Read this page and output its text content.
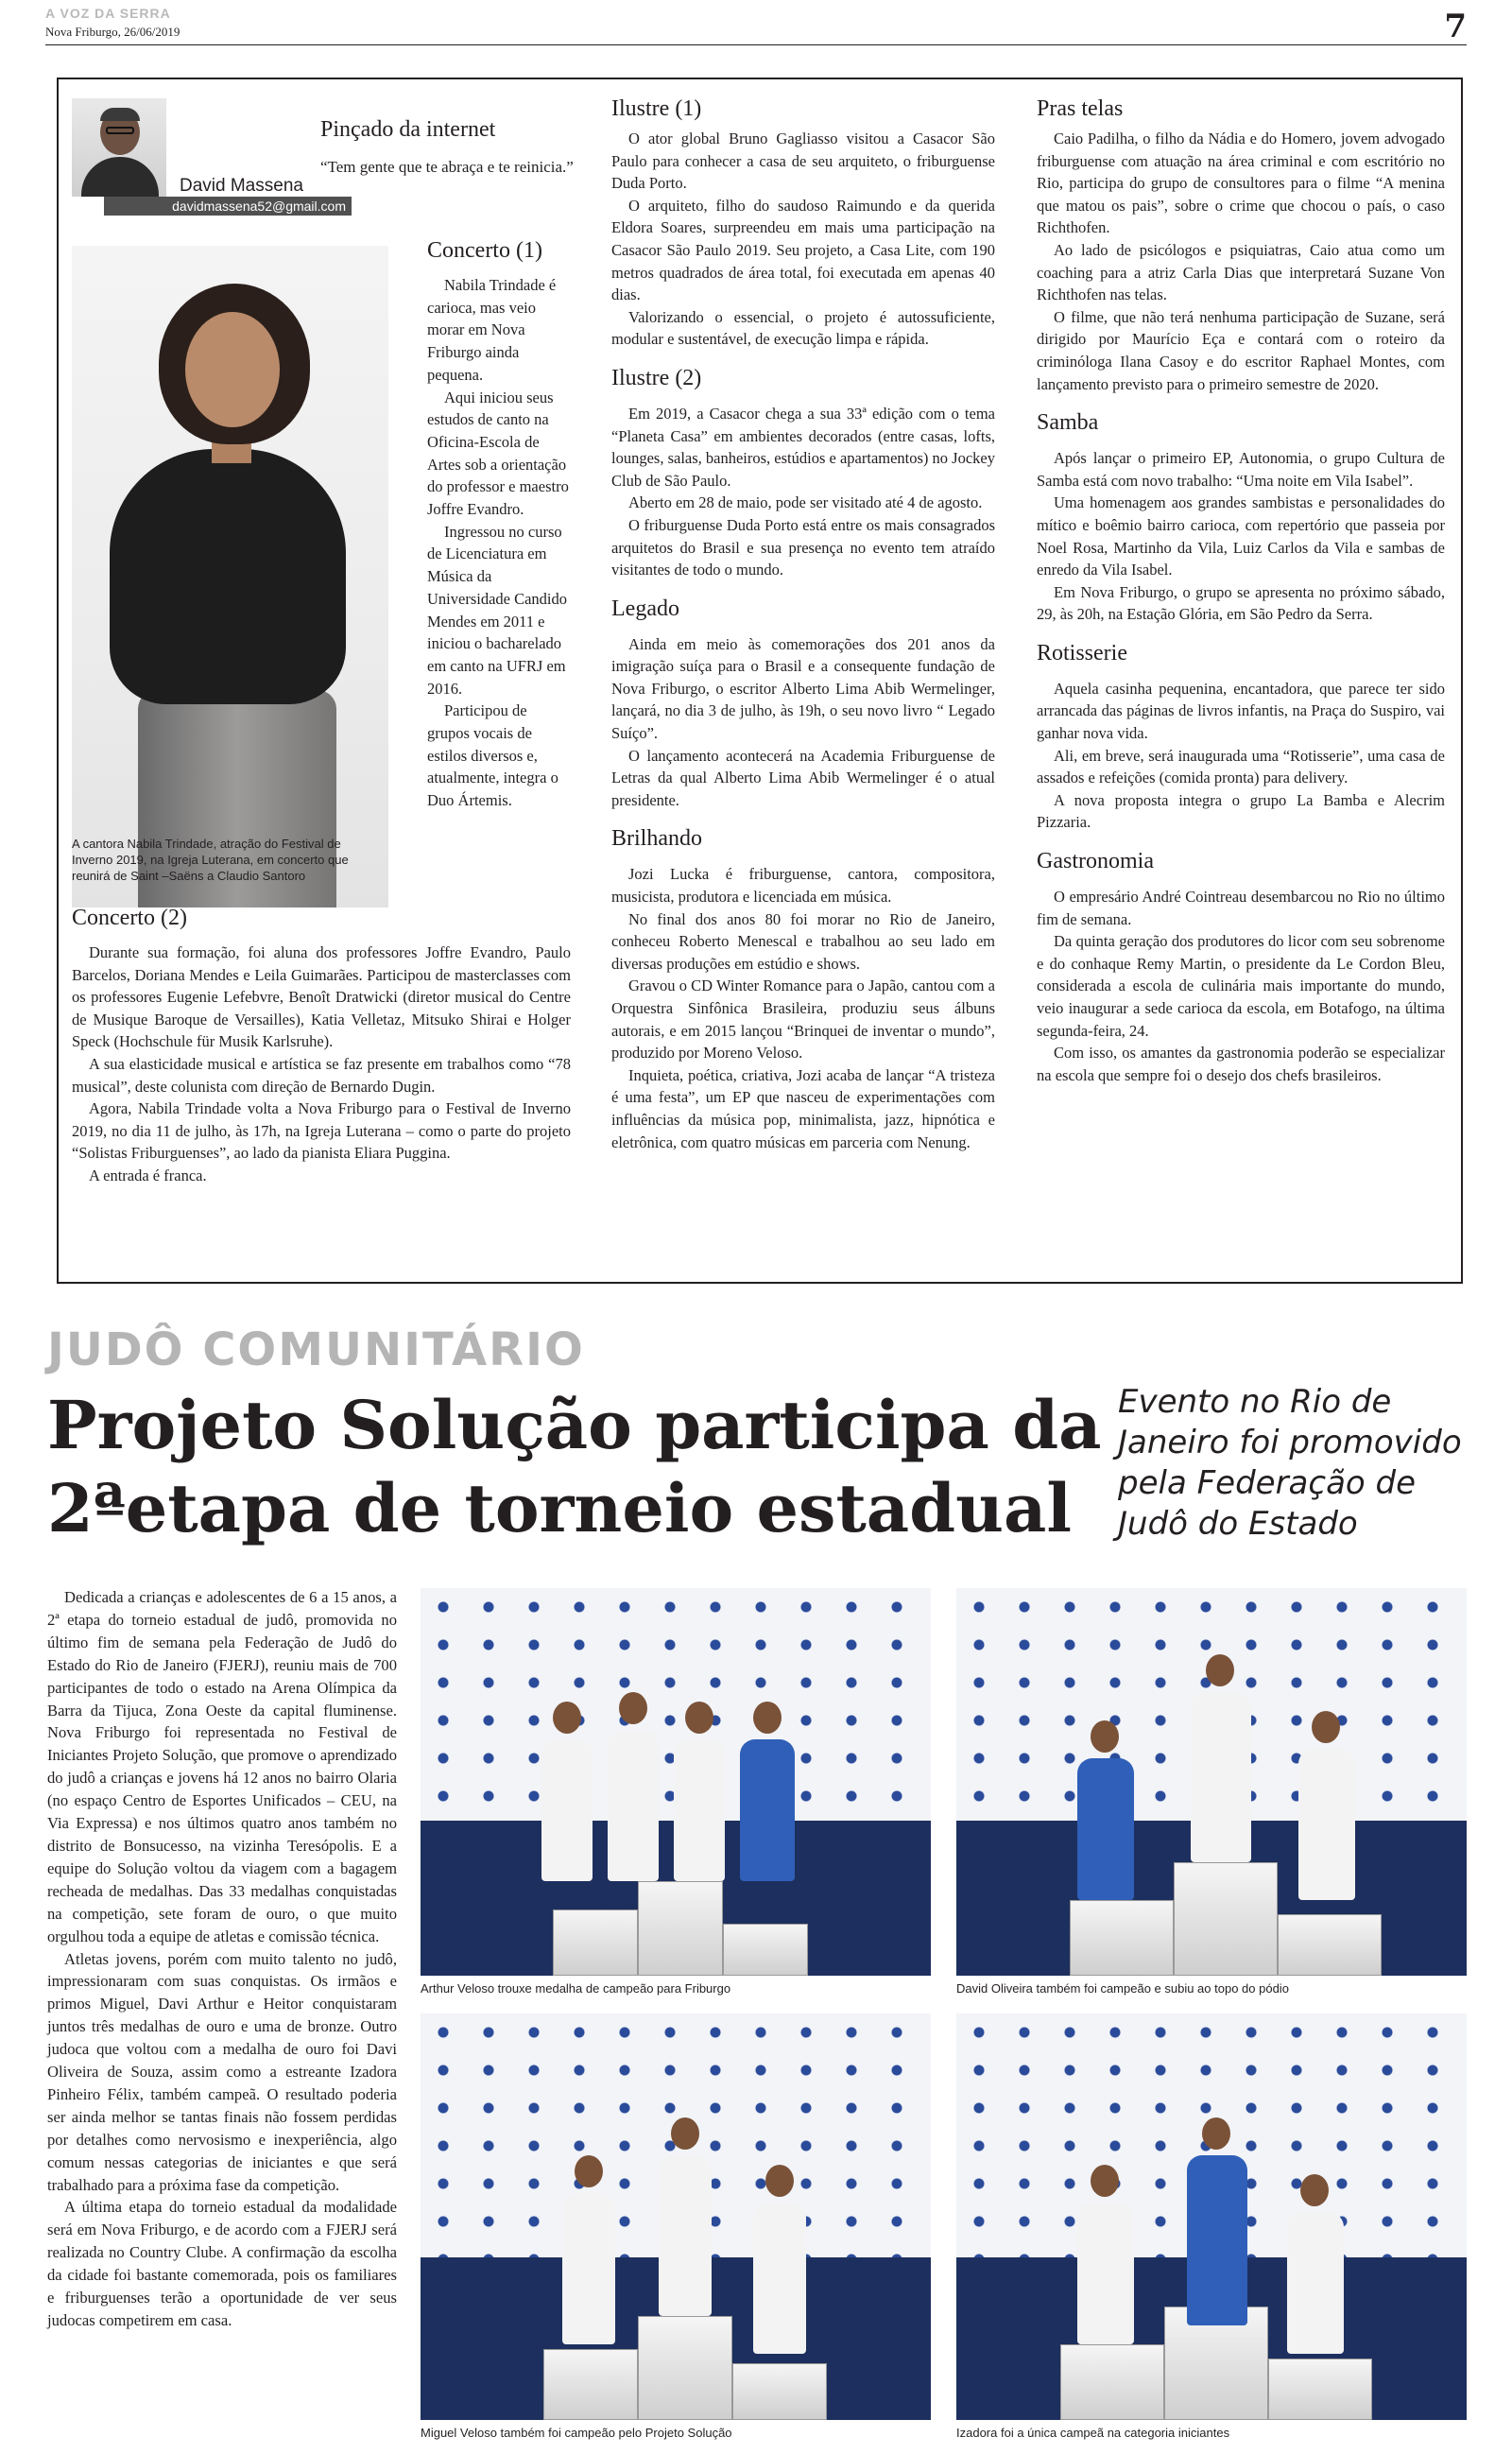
A VOZ DA SERRA
Nova Friburgo, 26/06/2019	7
David Massena
davidmassena52@gmail.com
Pinçado da internet
“Tem gente que te abraça e te reinicia.”
A cantora Nabila Trindade, atração do Festival de Inverno 2019, na Igreja Luterana, em concerto que reunirá de Saint –Saëns a Claudio Santoro
Concerto (1)

Nabila Trindade é carioca, mas veio morar em Nova Friburgo ainda pequena.

Aqui iniciou seus estudos de canto na Oficina-Escola de Artes sob a orientação do professor e maestro Joffre Evandro.

Ingressou no curso de Licenciatura em Música da Universidade Candido Mendes em 2011 e iniciou o bacharelado em canto na UFRJ em 2016.

Participou de grupos vocais de estilos diversos e, atualmente, integra o Duo Ártemis.

Concerto (2)

Durante sua formação, foi aluna dos professores Joffre Evandro, Paulo Barcelos, Doriana Mendes e Leila Guimarães. Participou de masterclasses com os professores Eugenie Lefebvre, Benoît Dratwicki (diretor musical do Centre de Musique Baroque de Versailles), Katia Velletaz, Mitsuko Shirai e Holger Speck (Hochschule für Musik Karlsruhe).

A sua elasticidade musical e artística se faz presente em trabalhos como “78 musical”, deste colunista com direção de Bernardo Dugin.

Agora, Nabila Trindade volta a Nova Friburgo para o Festival de Inverno 2019, no dia 11 de julho, às 17h, na Igreja Luterana – como o parte do projeto “Solistas Friburguenses”, ao lado da pianista Eliara Puggina.

A entrada é franca.

Ilustre (1)

O ator global Bruno Gagliasso visitou a Casacor São Paulo para conhecer a casa de seu arquiteto, o friburguense Duda Porto.

O arquiteto, filho do saudoso Raimundo e da querida Eldora Soares, surpreendeu em mais uma participação na Casacor São Paulo 2019. Seu projeto, a Casa Lite, com 190 metros quadrados de área total, foi executada em apenas 40 dias.

Valorizando o essencial, o projeto é autossuficiente, modular e sustentável, de execução limpa e rápida.

Ilustre (2)

Em 2019, a Casacor chega a sua 33ª edição com o tema “Planeta Casa” em ambientes decorados (entre casas, lofts, lounges, salas, banheiros, estúdios e apartamentos) no Jockey Club de São Paulo.

Aberto em 28 de maio, pode ser visitado até 4 de agosto.

O friburguense Duda Porto está entre os mais consagrados arquitetos do Brasil e sua presença no evento tem atraído visitantes de todo o mundo.

Legado

Ainda em meio às comemorações dos 201 anos da imigração suíça para o Brasil e a consequente fundação de Nova Friburgo, o escritor Alberto Lima Abib Wermelinger, lançará, no dia 3 de julho, às 19h, o seu novo livro “ Legado Suíço”.

O lançamento acontecerá na Academia Friburguense de Letras da qual Alberto Lima Abib Wermelinger é o atual presidente.

Brilhando

Jozi Lucka é friburguense, cantora, compositora, musicista, produtora e licenciada em música.

No final dos anos 80 foi morar no Rio de Janeiro, conheceu Roberto Menescal e trabalhou ao seu lado em diversas produções em estúdio e shows.

Gravou o CD Winter Romance para o Japão, cantou com a Orquestra Sinfônica Brasileira, produziu seus álbuns autorais, e em 2015 lançou “Brinquei de inventar o mundo”, produzido por Moreno Veloso.

Inquieta, poética, criativa, Jozi acaba de lançar “A tristeza é uma festa”, um EP que nasceu de experimentações com influências da música pop, minimalista, jazz, hipnótica e eletrônica, com quatro músicas em parceria com Nenung.

Pras telas

Caio Padilha, o filho da Nádia e do Homero, jovem advogado friburguense com atuação na área criminal e com escritório no Rio, participa do grupo de consultores para o filme “A menina que matou os pais”, sobre o crime que chocou o país, o caso Richthofen.

Ao lado de psicólogos e psiquiatras, Caio atua como um coaching para a atriz Carla Dias que interpretará Suzane Von Richthofen nas telas.

O filme, que não terá nenhuma participação de Suzane, será dirigido por Maurício Eça e contará com o roteiro da criminóloga Ilana Casoy e do escritor Raphael Montes, com lançamento previsto para o primeiro semestre de 2020.

Samba

Após lançar o primeiro EP, Autonomia, o grupo Cultura de Samba está com novo trabalho: “Uma noite em Vila Isabel”.

Uma homenagem aos grandes sambistas e personalidades do mítico e boêmio bairro carioca, com repertório que passeia por Noel Rosa, Martinho da Vila, Luiz Carlos da Vila e sambas de enredo da Vila Isabel.

Em Nova Friburgo, o grupo se apresenta no próximo sábado, 29, às 20h, na Estação Glória, em São Pedro da Serra.

Rotisserie

Aquela casinha pequenina, encantadora, que parece ter sido arrancada das páginas de livros infantis, na Praça do Suspiro, vai ganhar nova vida.

Ali, em breve, será inaugurada uma “Rotisserie”, uma casa de assados e refeições (comida pronta) para delivery.

A nova proposta integra o grupo La Bamba e Alecrim Pizzaria.

Gastronomia

O empresário André Cointreau desembarcou no Rio no último fim de semana.

Da quinta geração dos produtores do licor com seu sobrenome e do conhaque Remy Martin, o presidente da Le Cordon Bleu, considerada a escola de culinária mais importante do mundo, veio inaugurar a sede carioca da escola, em Botafogo, na última segunda-feira, 24.

Com isso, os amantes da gastronomia poderão se especializar na escola que sempre foi o desejo dos chefs brasileiros.

JUDÔ COMUNITÁRIO
Projeto Solução participa da 2ªetapa de torneio estadual
Evento no Rio de Janeiro foi promovido pela Federação de Judô do Estado

Dedicada a crianças e adolescentes de 6 a 15 anos, a 2ª etapa do torneio estadual de judô, promovida no último fim de semana pela Federação de Judô do Estado do Rio de Janeiro (FJERJ), reuniu mais de 700 participantes de todo o estado na Arena Olímpica da Barra da Tijuca, Zona Oeste da capital fluminense. Nova Friburgo foi representada no Festival de Iniciantes Projeto Solução, que promove o aprendizado do judô a crianças e jovens há 12 anos no bairro Olaria (no espaço Centro de Esportes Unificados – CEU, na Via Expressa) e nos últimos quatro anos também no distrito de Bonsucesso, na vizinha Teresópolis. E a equipe do Solução voltou da viagem com a bagagem recheada de medalhas. Das 33 medalhas conquistadas na competição, sete foram de ouro, o que muito orgulhou toda a equipe de atletas e comissão técnica.

Atletas jovens, porém com muito talento no judô, impressionaram com suas conquistas. Os irmãos e primos Miguel, Davi Arthur e Heitor conquistaram juntos três medalhas de ouro e uma de bronze. Outro judoca que voltou com a medalha de ouro foi Davi Oliveira de Souza, assim como a estreante Izadora Pinheiro Félix, também campeã. O resultado poderia ser ainda melhor se tantas finais não fossem perdidas por detalhes como nervosismo e inexperiência, algo comum nessas categorias de iniciantes e que será trabalhado para a próxima fase da competição.

A última etapa do torneio estadual da modalidade será em Nova Friburgo, e de acordo com a FJERJ será realizada no Country Clube. A confirmação da escolha da cidade foi bastante comemorada, pois os familiares e friburguenses terão a oportunidade de ver seus judocas competirem em casa.

Arthur Veloso trouxe medalha de campeão para Friburgo	David Oliveira também foi campeão e subiu ao topo do pódio
Miguel Veloso também foi campeão pelo Projeto Solução	Izadora foi a única campeã na categoria iniciantes
